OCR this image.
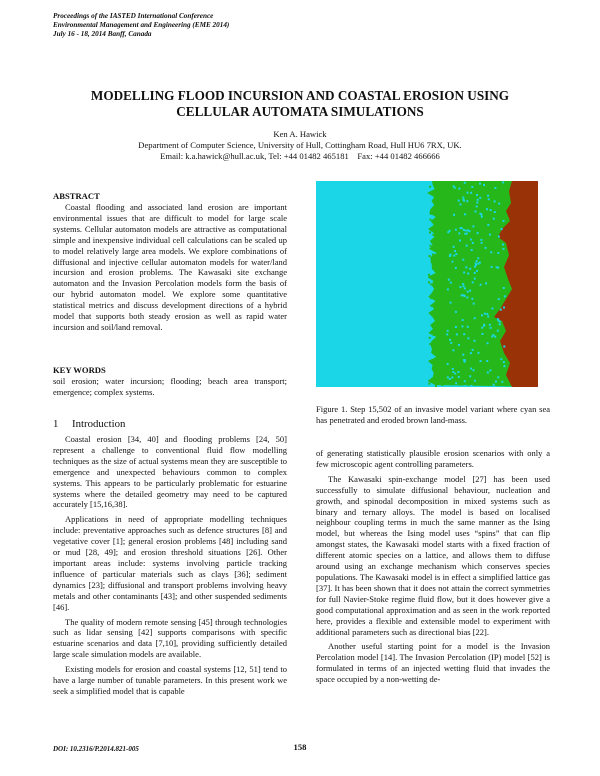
Proceedings of the IASTED International Conference
Environmental Management and Engineering (EME 2014)
July 16 - 18, 2014 Banff, Canada
MODELLING FLOOD INCURSION AND COASTAL EROSION USING
CELLULAR AUTOMATA SIMULATIONS
Ken A. Hawick
Department of Computer Science, University of Hull, Cottingham Road, Hull HU6 7RX, UK.
Email: k.a.hawick@hull.ac.uk, Tel: +44 01482 465181    Fax: +44 01482 466666
ABSTRACT

Coastal flooding and associated land erosion are important environmental issues that are difficult to model for large scale systems. Cellular automaton models are attractive as computational simple and inexpensive individual cell calculations can be scaled up to model relatively large area models. We explore combinations of diffusional and injective cellular automaton models for water/land incursion and erosion problems. The Kawasaki site exchange automaton and the Invasion Percolation models form the basis of our hybrid automaton model. We explore some quantitative statistical metrics and discuss development directions of a hybrid model that supports both steady erosion as well as rapid water incursion and soil/land removal.

KEY WORDS

soil erosion; water incursion; flooding; beach area transport; emergence; complex systems.

1 Introduction

Coastal erosion [34, 40] and flooding problems [24, 50] represent a challenge to conventional fluid flow modelling techniques as the size of actual systems mean they are susceptible to emergence and unexpected behaviours common to complex systems. This appears to be particularly problematic for estuarine systems where the detailed geometry may need to be captured accurately [15,16,38].

Applications in need of appropriate modelling techniques include: preventative approaches such as defence structures [8] and vegetative cover [1]; general erosion problems [48] including sand or mud [28, 49]; and erosion threshold situations [26]. Other important areas include: systems involving particle tracking influence of particular materials such as clays [36]; sediment dynamics [23]; diffusional and transport problems involving heavy metals and other contaminants [43]; and other suspended sediments [46].

The quality of modern remote sensing [45] through technologies such as lidar sensing [42] supports comparisons with specific estuarine scenarios and data [7,10], providing sufficiently detailed large scale simulation models are available.

Existing models for erosion and coastal systems [12, 51] tend to have a large number of tunable parameters. In this present work we seek a simplified model that is capable

Figure 1. Step 15,502 of an invasive model variant where cyan sea has penetrated and eroded brown land-mass.

of generating statistically plausible erosion scenarios with only a few microscopic agent controlling parameters.

The Kawasaki spin-exchange model [27] has been used successfully to simulate diffusional behaviour, nucleation and growth, and spinodal decomposition in mixed systems such as binary and ternary alloys. The model is based on localised neighbour coupling terms in much the same manner as the Ising model, but whereas the Ising model uses “spins” that can flip amongst states, the Kawasaki model starts with a fixed fraction of different atomic species on a lattice, and allows them to diffuse around using an exchange mechanism which conserves species populations. The Kawasaki model is in effect a simplified lattice gas [37]. It has been shown that it does not attain the correct symmetries for full Navier-Stoke regime fluid flow, but it does however give a good computational approximation and as seen in the work reported here, provides a flexible and extensible model to experiment with additional parameters such as directional bias [22].

Another useful starting point for a model is the Invasion Percolation model [14]. The Invasion Percolation (IP) model [52] is formulated in terms of an injected wetting fluid that invades the space occupied by a non-wetting de-

DOI: 10.2316/P.2014.821-005	158
